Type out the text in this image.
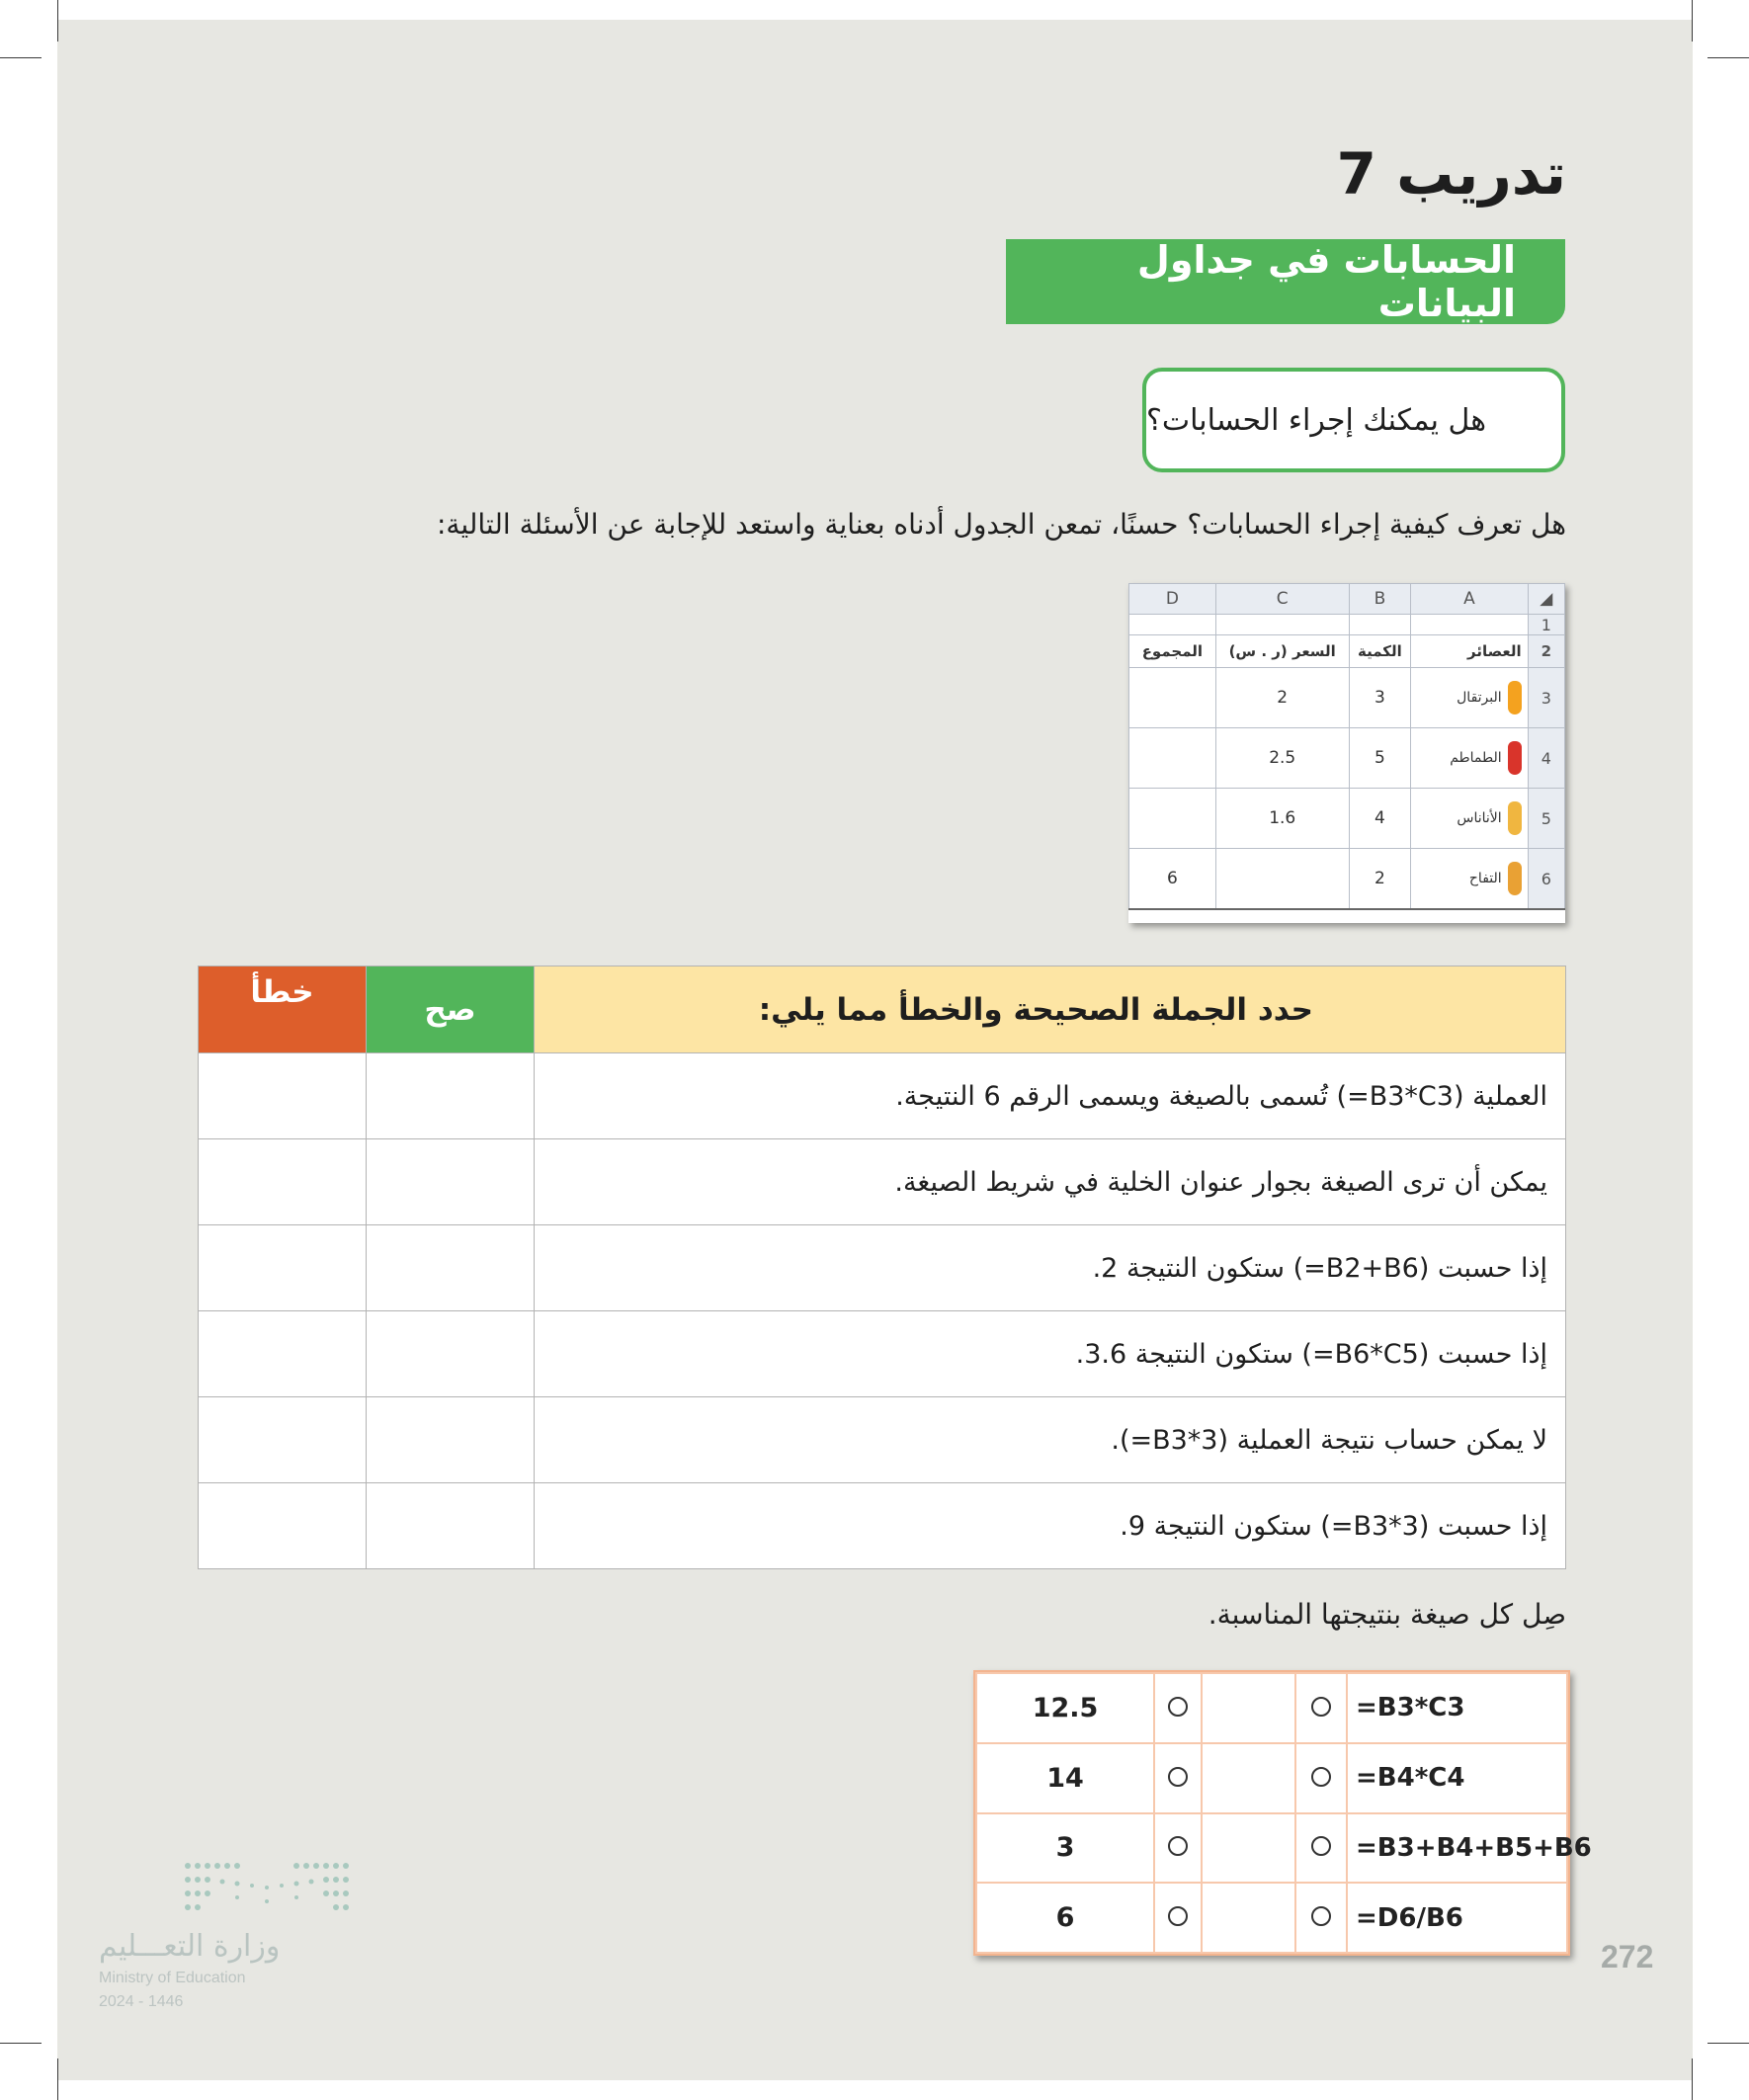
تدريب 7
الحسابات في جداول البيانات
هل يمكنك إجراء الحسابات؟
هل تعرف كيفية إجراء الحسابات؟ حسنًا، تمعن الجدول أدناه بعناية واستعد للإجابة عن الأسئلة التالية:
D	C	B	A	◢
				1
المجموع	السعر (ر . س)	الكمية	العصائر	2
	2	3	البرتقال	3
	2.5	5	الطماطم	4
	1.6	4	الأناناس	5
6		2	التفاح	6
حدد الجملة الصحيحة والخطأ مما يلي:	صح	خطأ
العملية (B3*C3=) تُسمى بالصيغة ويسمى الرقم 6 النتيجة.		
يمكن أن ترى الصيغة بجوار عنوان الخلية في شريط الصيغة.		
إذا حسبت (B2+B6=) ستكون النتيجة 2.		
إذا حسبت (B6*C5=) ستكون النتيجة 3.6.		
لا يمكن حساب نتيجة العملية (B3*3=).		
إذا حسبت (B3*3=) ستكون النتيجة 9.		
صِل كل صيغة بنتيجتها المناسبة.
12.5				=B3*C3
14				=B4*C4
3				=B3+B4+B5+B6
6				=D6/B6
وزارة التعـــليم
Ministry of Education
2024 - 1446
272
